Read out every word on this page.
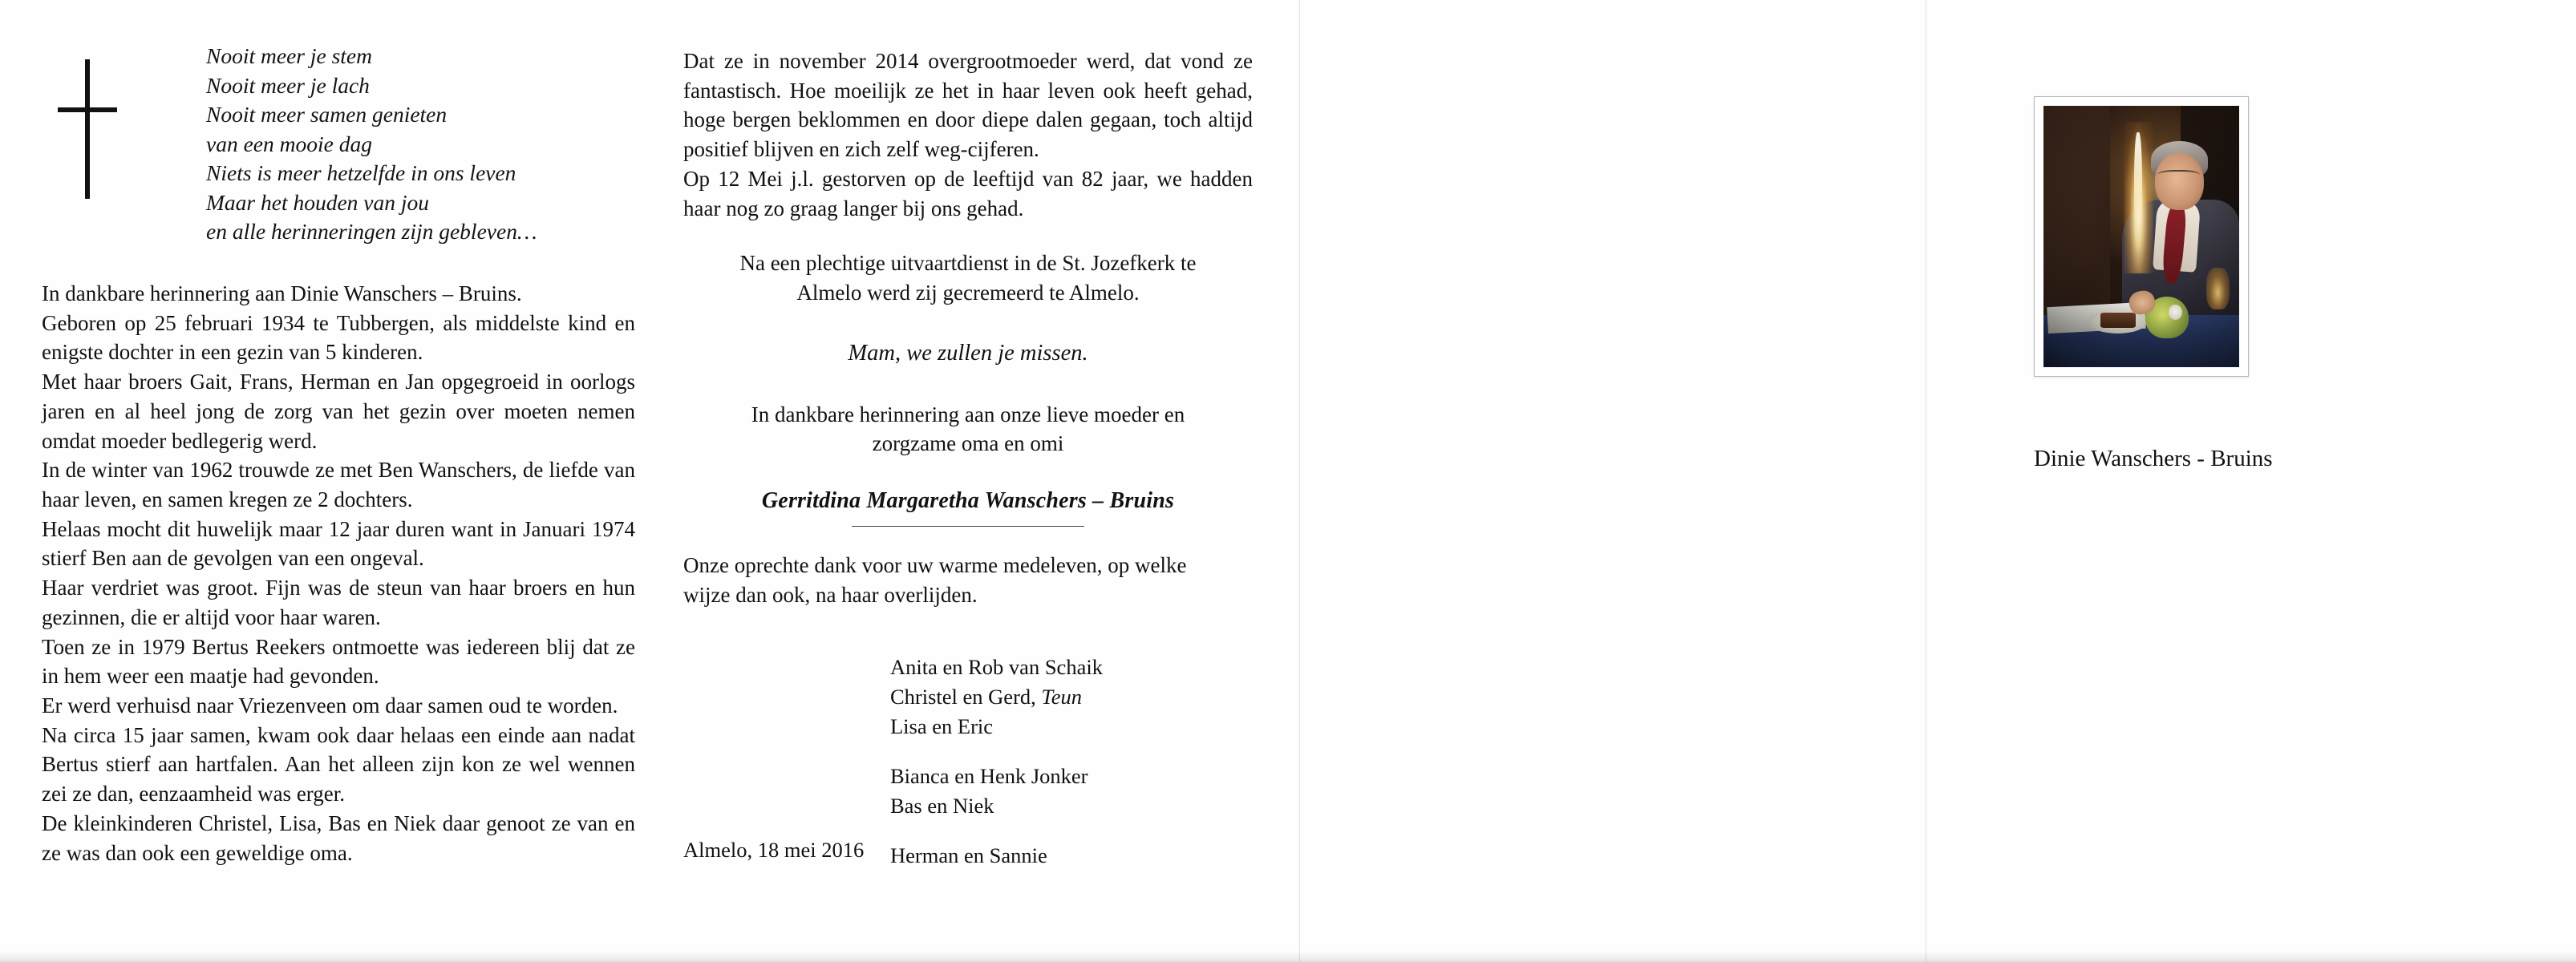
Nooit meer je stem
Nooit meer je lach
Nooit meer samen genieten
van een mooie dag
Niets is meer hetzelfde in ons leven
Maar het houden van jou
en alle herinneringen zijn gebleven…

In dankbare herinnering aan Dinie Wanschers – Bruins.

Geboren op 25 februari 1934 te Tubbergen, als middelste kind en enigste dochter in een gezin van 5 kinderen.

Met haar broers Gait, Frans, Herman en Jan opgegroeid in oorlogs jaren en al heel jong de zorg van het gezin over moeten nemen omdat moeder bedlegerig werd.

In de winter van 1962 trouwde ze met Ben Wanschers, de liefde van haar leven, en samen kregen ze 2 dochters.

Helaas mocht dit huwelijk maar 12 jaar duren want in Januari 1974 stierf Ben aan de gevolgen van een ongeval.

Haar verdriet was groot. Fijn was de steun van haar broers en hun gezinnen, die er altijd voor haar waren.

Toen ze in 1979 Bertus Reekers ontmoette was iedereen blij dat ze in hem weer een maatje had gevonden.

Er werd verhuisd naar Vriezenveen om daar samen oud te worden.

Na circa 15 jaar samen, kwam ook daar helaas een einde aan nadat Bertus stierf aan hartfalen. Aan het alleen zijn kon ze wel wennen zei ze dan, eenzaamheid was erger.

De kleinkinderen Christel, Lisa, Bas en Niek daar genoot ze van en ze was dan ook een geweldige oma.

Dat ze in november 2014 overgrootmoeder werd, dat vond ze fantastisch. Hoe moeilijk ze het in haar leven ook heeft gehad, hoge bergen beklommen en door diepe dalen gegaan, toch altijd positief blijven en zich zelf weg-cijferen.

Op 12 Mei j.l. gestorven op de leeftijd van 82 jaar, we hadden haar nog zo graag langer bij ons gehad.

Na een plechtige uitvaartdienst in de St. Jozefkerk te

Almelo werd zij gecremeerd te Almelo.

Mam, we zullen je missen.

In dankbare herinnering aan onze lieve moeder en

zorgzame oma en omi

Gerritdina Margaretha Wanschers – Bruins

Onze oprechte dank voor uw warme medeleven, op welke

wijze dan ook, na haar overlijden.

Anita en Rob van Schaik
Christel en Gerd, Teun
Lisa en Eric
Bianca en Henk Jonker
Bas en Niek
Herman en Sannie
Almelo, 18 mei 2016
Dinie Wanschers - Bruins
